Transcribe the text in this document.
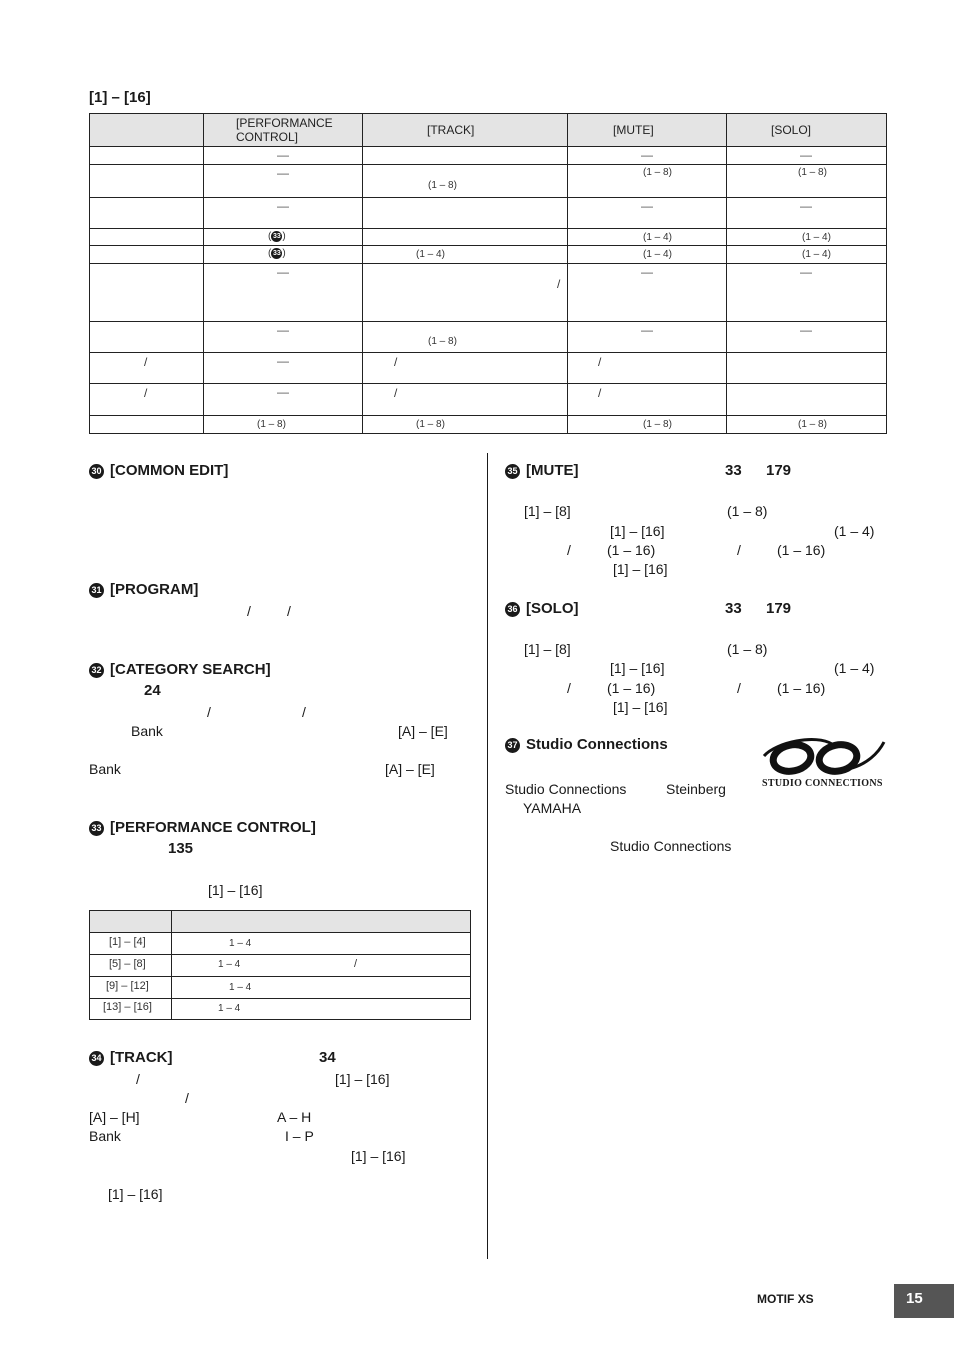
[1] – [16]

	[PERFORMANCE
CONTROL]	[TRACK]	[MUTE]	[SOLO]

	—		—	—

	—	(1 – 8)	(1 – 8)	(1 – 8)

	—		—	—

	( 33 )		(1 – 4)	(1 – 4)

	( 33 )	(1 – 4)	(1 – 4)	(1 – 4)

	—	/	—	—

	—	(1 – 8)	—	—

/	—	/	/	

/	—	/	/	

	(1 – 8)	(1 – 8)	(1 – 8)	(1 – 8)
30 [COMMON EDIT]
31 [PROGRAM]
/	/
32 [CATEGORY SEARCH]
24
/	/
Bank	[A] – [E]
Bank	[A] – [E]
33 [PERFORMANCE CONTROL]
135
[1] – [16]

[1] – [4]	1 – 4

[5] – [8]	1 – 4 /

[9] – [12]	1 – 4

[13] – [16]	1 – 4
34 [TRACK]	34
/	[1] – [16]
/
[A] – [H]	A – H
Bank	I – P
[1] – [16]
[1] – [16]
35 [MUTE]	33 179
[1] – [8]	(1 – 8)
[1] – [16]	(1 – 4)
/	(1 – 16)	/	(1 – 16)
[1] – [16]
36 [SOLO]	33 179
[1] – [8]	(1 – 8)
[1] – [16]	(1 – 4)
/	(1 – 16)	/	(1 – 16)
[1] – [16]
37 Studio Connections
Studio Connections	Steinberg
YAMAHA
Studio Connections
STUDIO CONNECTIONS
MOTIF XS	15
